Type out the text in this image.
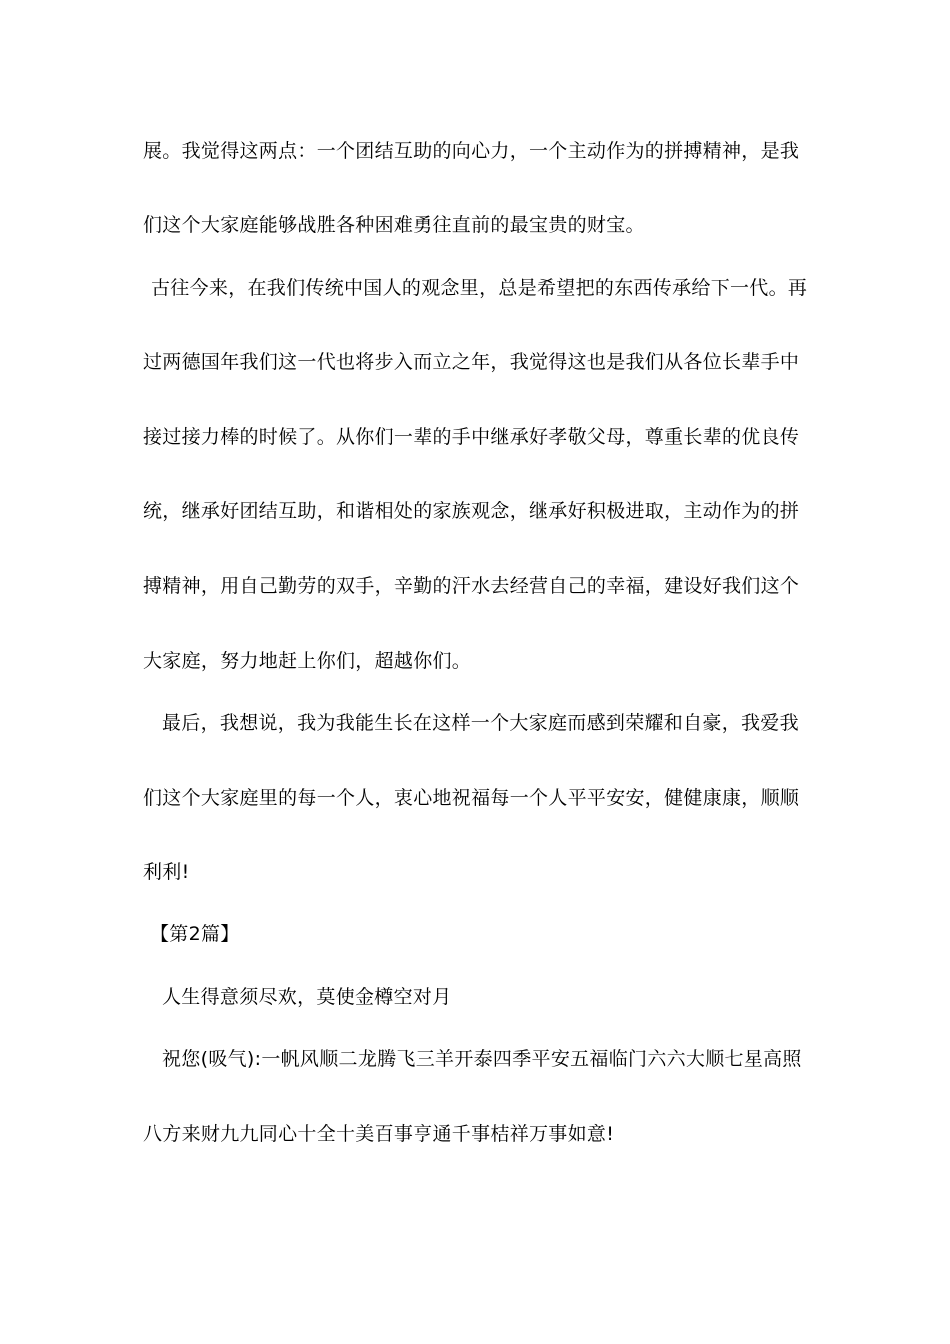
展。我觉得这两点：一个团结互助的向心力，一个主动作为的拼搏精神，是我
们这个大家庭能够战胜各种困难勇往直前的最宝贵的财宝。
古往今来，在我们传统中国人的观念里，总是希望把的东西传承给下一代。再
过两德国年我们这一代也将步入而立之年，我觉得这也是我们从各位长辈手中
接过接力棒的时候了。从你们一辈的手中继承好孝敬父母，尊重长辈的优良传
统，继承好团结互助，和谐相处的家族观念，继承好积极进取，主动作为的拼
搏精神，用自己勤劳的双手，辛勤的汗水去经营自己的幸福，建设好我们这个
大家庭，努力地赶上你们，超越你们。
最后，我想说，我为我能生长在这样一个大家庭而感到荣耀和自豪，我爱我
们这个大家庭里的每一个人，衷心地祝福每一个人平平安安，健健康康，顺顺
利利!
【第2篇】
人生得意须尽欢，莫使金樽空对月
祝您(吸气):一帆风顺二龙腾飞三羊开泰四季平安五福临门六六大顺七星高照
八方来财九九同心十全十美百事亨通千事桔祥万事如意!
